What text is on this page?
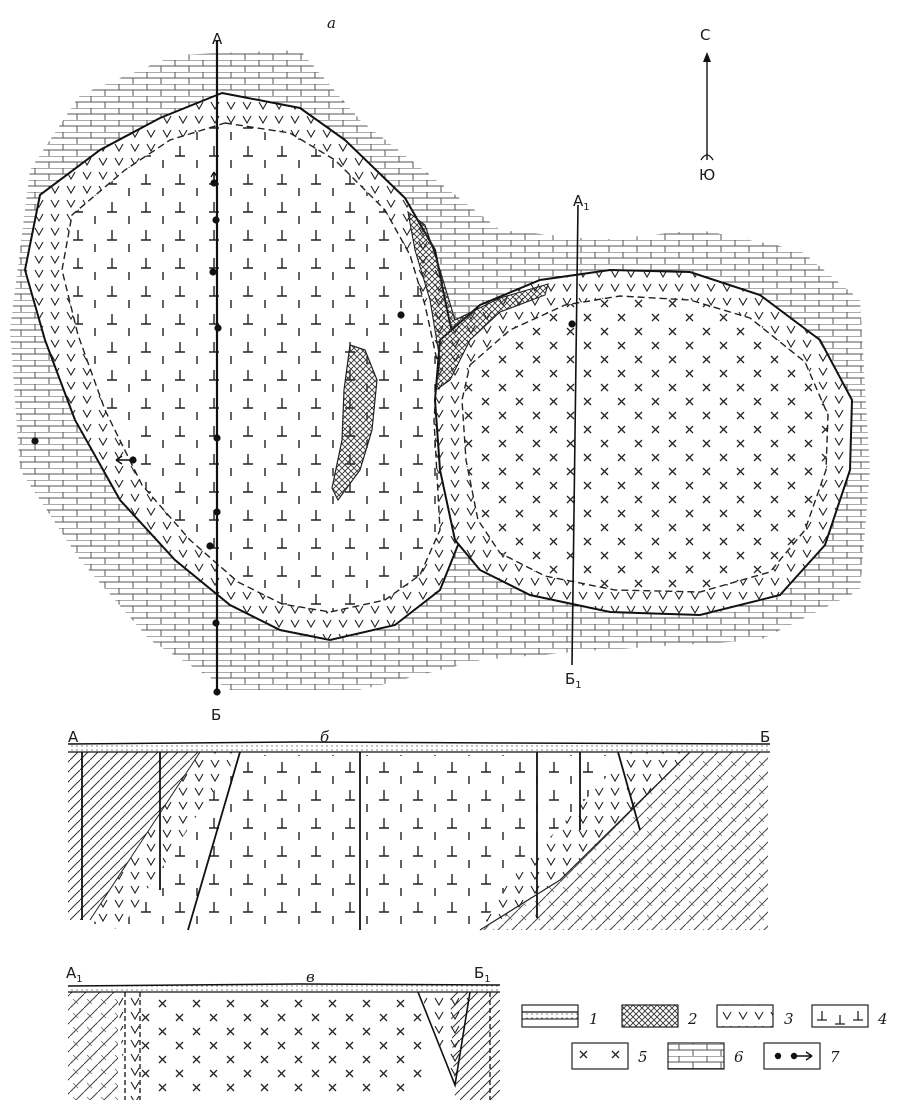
а
С
Ю
А
Б
$А_1$
$Б_1$
б
А	Б
в
$А_1$	$Б_1$
1	2	3	4
5	6	7
